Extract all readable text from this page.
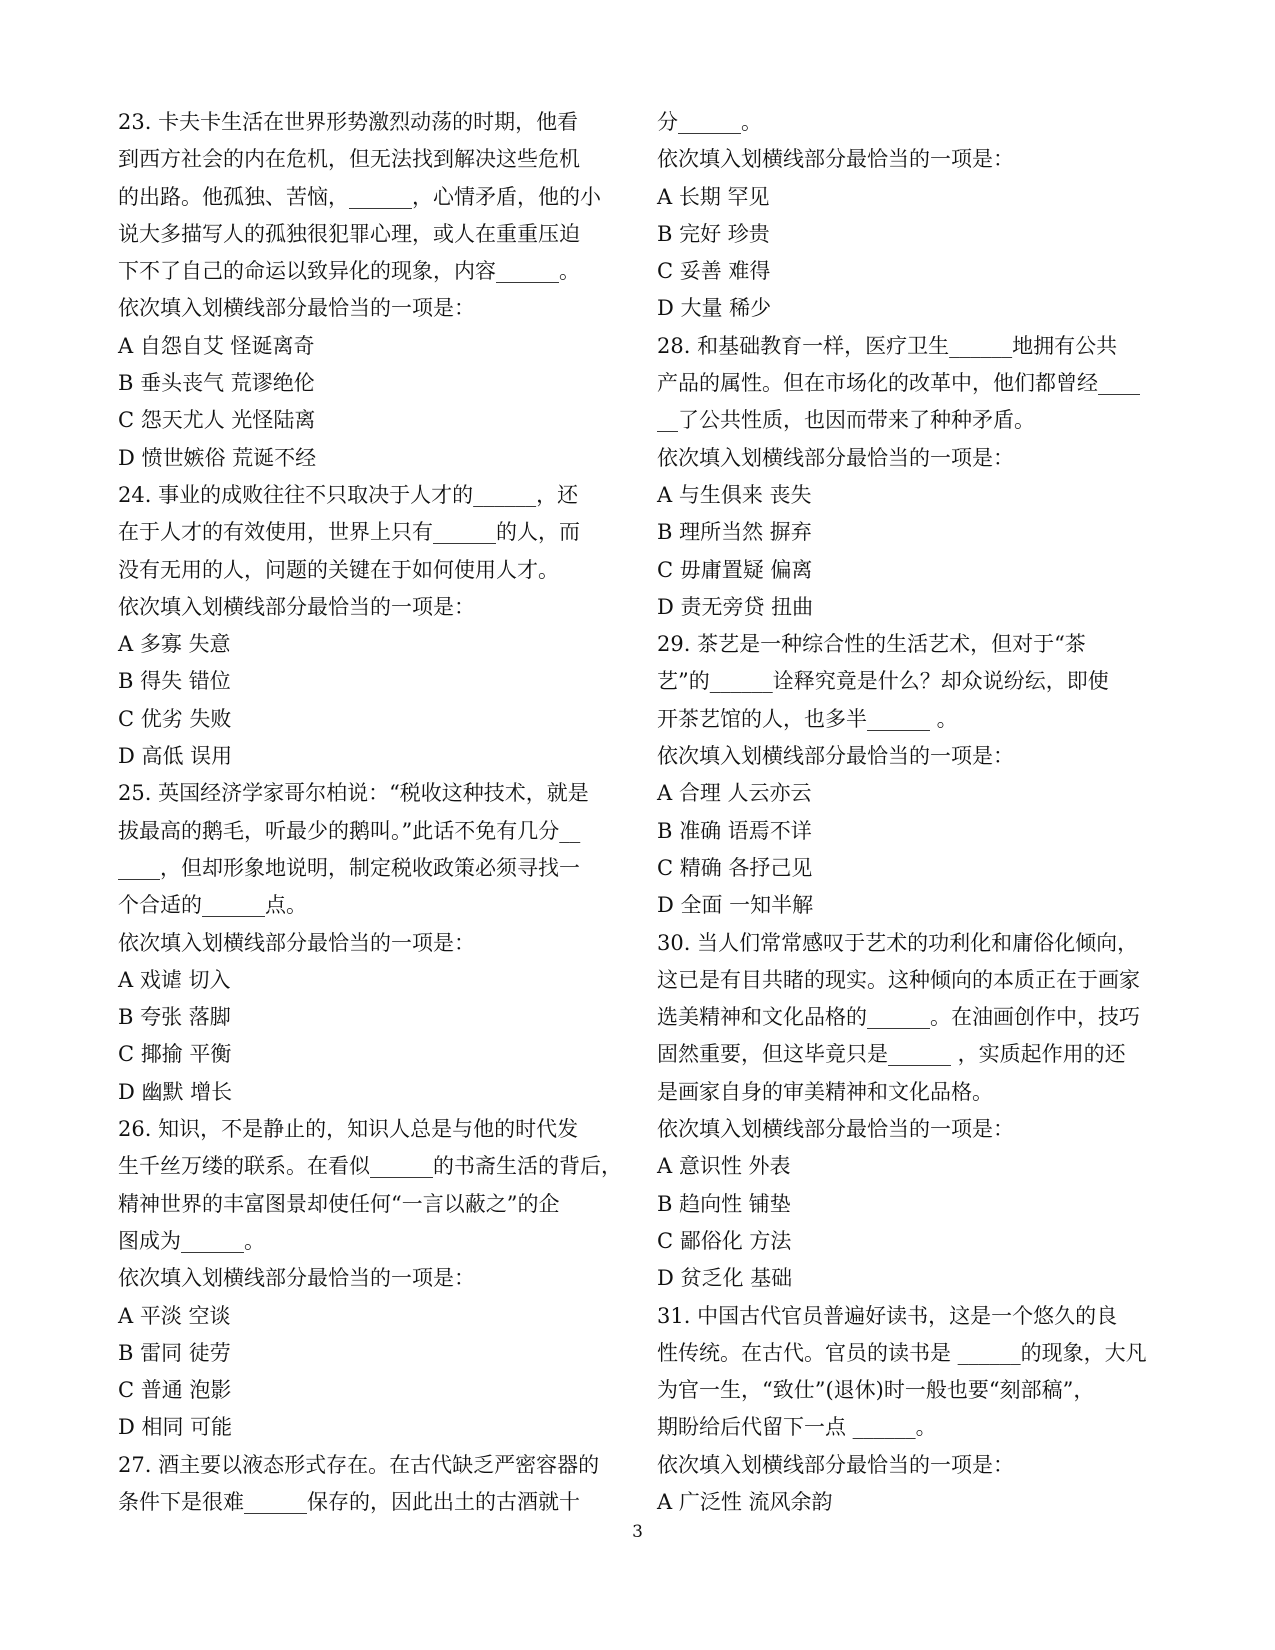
23. 卡夫卡生活在世界形势激烈动荡的时期，他看
到西方社会的内在危机，但无法找到解决这些危机
的出路。他孤独、苦恼，______，心情矛盾，他的小
说大多描写人的孤独很犯罪心理，或人在重重压迫
下不了自己的命运以致异化的现象，内容______。
依次填入划横线部分最恰当的一项是：
A 自怨自艾 怪诞离奇
B 垂头丧气 荒谬绝伦
C 怨天尤人 光怪陆离
D 愤世嫉俗 荒诞不经
24. 事业的成败往往不只取决于人才的______，还
在于人才的有效使用，世界上只有______的人，而
没有无用的人，问题的关键在于如何使用人才。
依次填入划横线部分最恰当的一项是：
A 多寡 失意
B 得失 错位
C 优劣 失败
D 高低 误用
25. 英国经济学家哥尔柏说：“税收这种技术，就是
拔最高的鹅毛，听最少的鹅叫。”此话不免有几分__
____，但却形象地说明，制定税收政策必须寻找一
个合适的______点。
依次填入划横线部分最恰当的一项是：
A 戏谑 切入
B 夸张 落脚
C 揶揄 平衡
D 幽默 增长
26. 知识，不是静止的，知识人总是与他的时代发
生千丝万缕的联系。在看似______的书斋生活的背后，
精神世界的丰富图景却使任何“一言以蔽之”的企
图成为______。
依次填入划横线部分最恰当的一项是：
A 平淡 空谈
B 雷同 徒劳
C 普通 泡影
D 相同 可能
27. 酒主要以液态形式存在。在古代缺乏严密容器的
条件下是很难______保存的，因此出土的古酒就十
分______。
依次填入划横线部分最恰当的一项是：
A 长期 罕见
B 完好 珍贵
C 妥善 难得
D 大量 稀少
28. 和基础教育一样，医疗卫生______地拥有公共
产品的属性。但在市场化的改革中，他们都曾经____
__了公共性质，也因而带来了种种矛盾。
依次填入划横线部分最恰当的一项是：
A 与生俱来 丧失
B 理所当然 摒弃
C 毋庸置疑 偏离
D 责无旁贷 扭曲
29. 茶艺是一种综合性的生活艺术，但对于“茶
艺”的______诠释究竟是什么？却众说纷纭，即使
开茶艺馆的人，也多半______ 。
依次填入划横线部分最恰当的一项是：
A 合理 人云亦云
B 准确 语焉不详
C 精确 各抒己见
D 全面 一知半解
30. 当人们常常感叹于艺术的功利化和庸俗化倾向，
这已是有目共睹的现实。这种倾向的本质正在于画家
选美精神和文化品格的______。在油画创作中，技巧
固然重要，但这毕竟只是______ ，实质起作用的还
是画家自身的审美精神和文化品格。
依次填入划横线部分最恰当的一项是：
A 意识性 外表
B 趋向性 铺垫
C 鄙俗化 方法
D 贫乏化 基础
31. 中国古代官员普遍好读书，这是一个悠久的良
性传统。在古代。官员的读书是 ______的现象，大凡
为官一生，“致仕”(退休)时一般也要“刻部稿”，
期盼给后代留下一点 ______。
依次填入划横线部分最恰当的一项是：
A 广泛性 流风余韵
3
